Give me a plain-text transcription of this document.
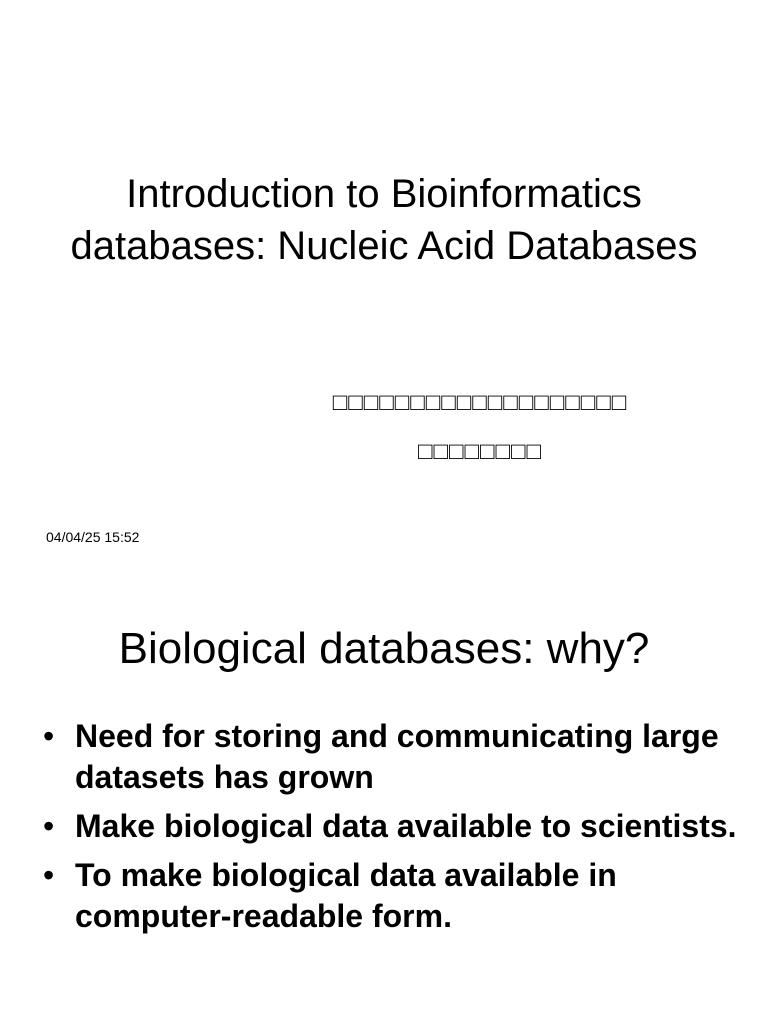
Introduction to Bioinformatics databases: Nucleic Acid Databases
□□□□□□□□□□□□□□□□□□□
□□□□□□□□
04/04/25 15:52
Biological databases: why?
• Need for storing and communicating large datasets has grown
• Make biological data available to scientists.
• To make biological data available in computer-readable form.
